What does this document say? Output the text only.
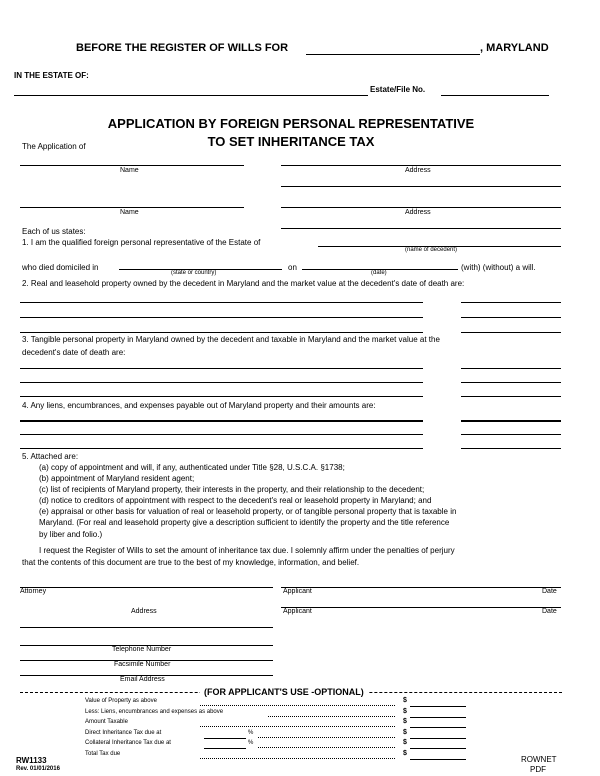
BEFORE THE REGISTER OF WILLS FOR	, MARYLAND
IN THE ESTATE OF:
Estate/File No.
APPLICATION BY FOREIGN PERSONAL REPRESENTATIVE
TO SET INHERITANCE TAX
The Application of
Name	Address
Name	Address
Each of us states:
1. I am the qualified foreign personal representative of the Estate of
(name of decedent)
who died domiciled in
(state or country)
on
(date)
(with) (without) a will.
2. Real and leasehold property owned by the decedent in Maryland and the market value at the decedent's date of death are:
3. Tangible personal property in Maryland owned by the decedent and taxable in Maryland and the market value at the
decedent's date of death are:
4. Any liens, encumbrances, and expenses payable out of Maryland property and their amounts are:
5. Attached are:
(a) copy of appointment and will, if any, authenticated under Title §28, U.S.C.A. §1738;
(b) appointment of Maryland resident agent;
(c) list of recipients of Maryland property, their interests in the property, and their relationship to the decedent;
(d) notice to creditors of appointment with respect to the decedent's real or leasehold property in Maryland; and
(e) appraisal or other basis for valuation of real or leasehold property, or of tangible personal property that is taxable in
Maryland. (For real and leasehold property give a description sufficient to identify the property and the title reference
by liber and folio.)
I request the Register of Wills to set the amount of inheritance tax due. I solemnly affirm under the penalties of perjury
that the contents of this document are true to the best of my knowledge, information, and belief.
Attorney	Applicant	Date
Address	Applicant	Date
Telephone Number
Facsimile Number
Email Address
(FOR APPLICANT'S USE -OPTIONAL)
Value of Property as above	$
Less: Liens, encumbrances and expenses as above	$
Amount Taxable	$
Direct Inheritance Tax due at	%	$
Collateral Inheritance Tax due at	%	$
Total Tax due	$
RW1133
Rev. 01/01/2016
ROWNET
PDF
